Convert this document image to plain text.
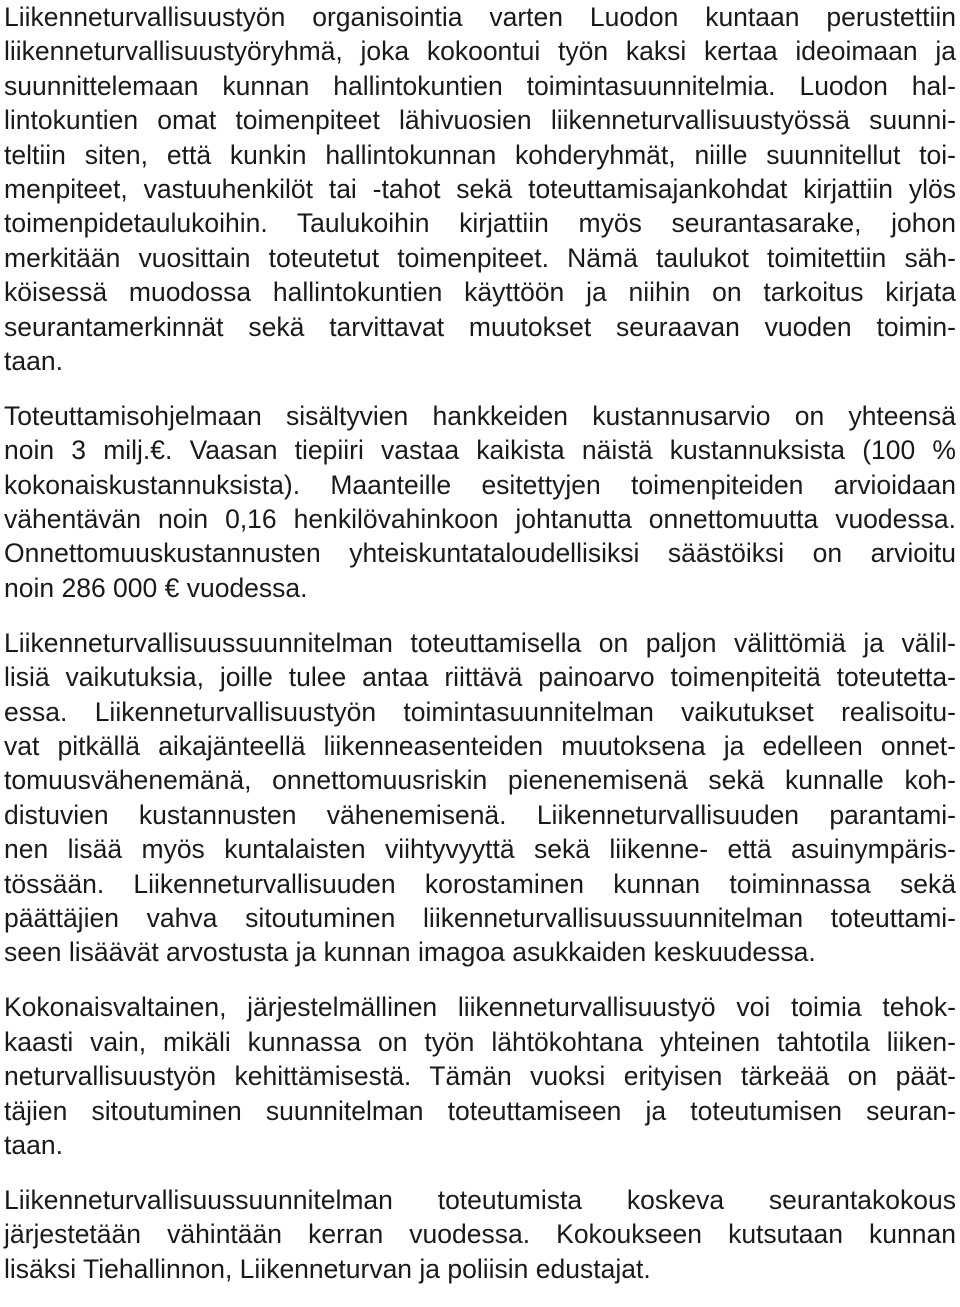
Liikenneturvallisuustyön organisointia varten Luodon kuntaan perustettiin
liikenneturvallisuustyöryhmä, joka kokoontui työn kaksi kertaa ideoimaan ja
suunnittelemaan kunnan hallintokuntien toimintasuunnitelmia. Luodon hal-
lintokuntien omat toimenpiteet lähivuosien liikenneturvallisuustyössä suunni-
teltiin siten, että kunkin hallintokunnan kohderyhmät, niille suunnitellut toi-
menpiteet, vastuuhenkilöt tai -tahot sekä toteuttamisajankohdat kirjattiin ylös
toimenpidetaulukoihin. Taulukoihin kirjattiin myös seurantasarake, johon
merkitään vuosittain toteutetut toimenpiteet. Nämä taulukot toimitettiin säh-
köisessä muodossa hallintokuntien käyttöön ja niihin on tarkoitus kirjata
seurantamerkinnät sekä tarvittavat muutokset seuraavan vuoden toimin-
taan.
Toteuttamisohjelmaan sisältyvien hankkeiden kustannusarvio on yhteensä
noin 3 milj.€. Vaasan tiepiiri vastaa kaikista näistä kustannuksista (100 %
kokonaiskustannuksista). Maanteille esitettyjen toimenpiteiden arvioidaan
vähentävän noin 0,16 henkilövahinkoon johtanutta onnettomuutta vuodessa.
Onnettomuuskustannusten yhteiskuntataloudellisiksi säästöiksi on arvioitu
noin 286 000 € vuodessa.
Liikenneturvallisuussuunnitelman toteuttamisella on paljon välittömiä ja välil-
lisiä vaikutuksia, joille tulee antaa riittävä painoarvo toimenpiteitä toteutetta-
essa. Liikenneturvallisuustyön toimintasuunnitelman vaikutukset realisoitu-
vat pitkällä aikajänteellä liikenneasenteiden muutoksena ja edelleen onnet-
tomuusvähenemänä, onnettomuusriskin pienenemisenä sekä kunnalle koh-
distuvien kustannusten vähenemisenä. Liikenneturvallisuuden parantami-
nen lisää myös kuntalaisten viihtyvyyttä sekä liikenne- että asuinympäris-
tössään. Liikenneturvallisuuden korostaminen kunnan toiminnassa sekä
päättäjien vahva sitoutuminen liikenneturvallisuussuunnitelman toteuttami-
seen lisäävät arvostusta ja kunnan imagoa asukkaiden keskuudessa.
Kokonaisvaltainen, järjestelmällinen liikenneturvallisuustyö voi toimia tehok-
kaasti vain, mikäli kunnassa on työn lähtökohtana yhteinen tahtotila liiken-
neturvallisuustyön kehittämisestä. Tämän vuoksi erityisen tärkeää on päät-
täjien sitoutuminen suunnitelman toteuttamiseen ja toteutumisen seuran-
taan.
Liikenneturvallisuussuunnitelman toteutumista koskeva seurantakokous
järjestetään vähintään kerran vuodessa. Kokoukseen kutsutaan kunnan
lisäksi Tiehallinnon, Liikenneturvan ja poliisin edustajat.
